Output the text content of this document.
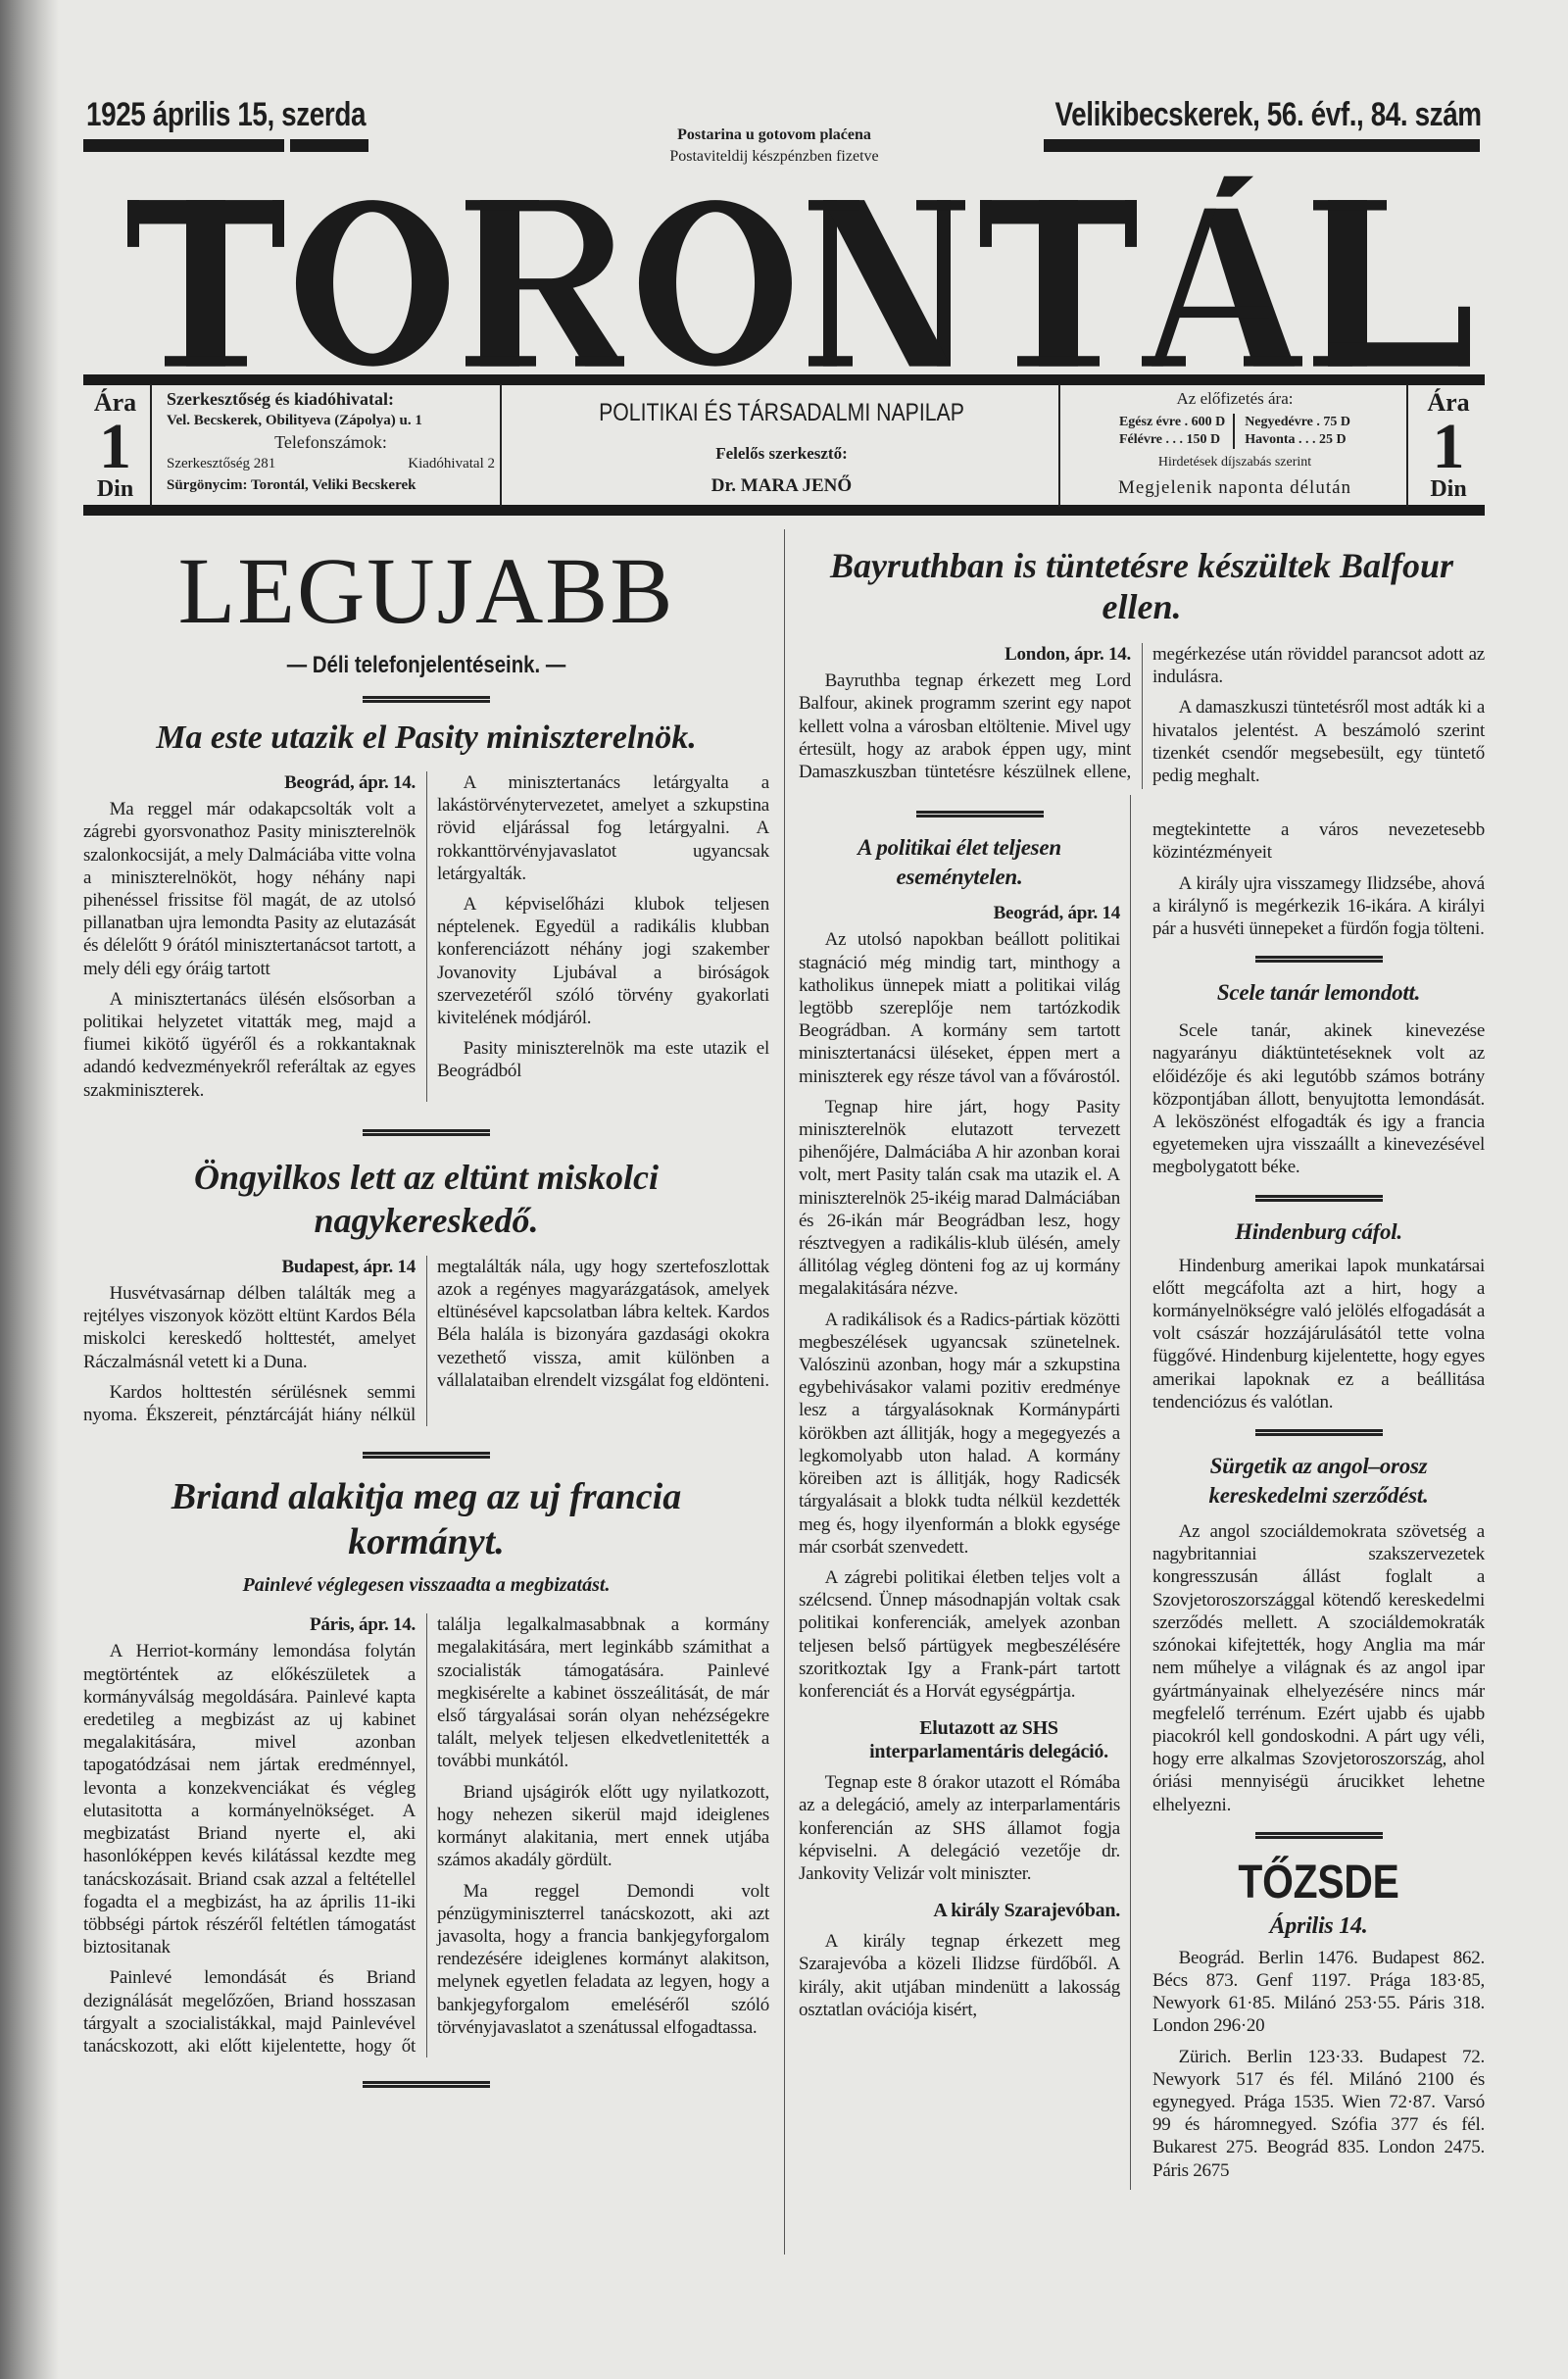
1925 április 15, szerda
Postarina u gotovom plaćena
Postaviteldij készpénzben fizetve
Velikibecskerek, 56. évf., 84. szám
Ára
1
Din
Szerkesztőség és kiadóhivatal:
Vel. Becskerek, Obilityeva (Zápolya) u. 1
Telefonszámok:
Szerkesztőség 281	Kiadóhivatal 2
Sürgönycim: Torontál, Veliki Becskerek
POLITIKAI ÉS TÁRSADALMI NAPILAP
Felelős szerkesztő:
Dr. MARA JENŐ
Az előfizetés ára:
Egész évre . 600 D
Félévre . . . 150 D
Negyedévre . 75 D
Havonta . . . 25 D
Hirdetések díjszabás szerint
Megjelenik naponta délután
Ára
1
Din
LEGUJABB
— Déli telefonjelentéseink. —
Ma este utazik el Pasity miniszterelnök.
Beográd, ápr. 14.

Ma reggel már odakapcsolták volt a zágrebi gyorsvonathoz Pasity miniszterelnök szalonkocsiját, a mely Dalmáciába vitte volna a miniszterelnököt, hogy néhány napi pihenéssel frissitse föl magát, de az utolsó pillanatban ujra lemondta Pasity az elutazását és délelőtt 9 órától minisztertanácsot tartott, a mely déli egy óráig tartott

A minisztertanács ülésén elsősorban a politikai helyzetet vitatták meg, majd a fiumei kikötő ügyéről és a rokkantaknak adandó kedvezményekről referáltak az egyes szakminiszterek.

A minisztertanács letárgyalta a lakástörvénytervezetet, amelyet a szkupstina rövid eljárással fog letárgyalni. A rokkanttörvényjavaslatot ugyancsak letárgyalták.

A képviselőházi klubok teljesen néptelenek. Egyedül a radikális klubban konferenciázott néhány jogi szakember Jovanovity Ljubával a biróságok szervezetéről szóló törvény gyakorlati kivitelének módjáról.

Pasity miniszterelnök ma este utazik el Beográdból

Öngyilkos lett az eltünt miskolci nagykereskedő.
Budapest, ápr. 14

Husvétvasárnap délben találták meg a rejtélyes viszonyok között eltünt Kardos Béla miskolci kereskedő holttestét, amelyet Ráczalmásnál vetett ki a Duna.

Kardos holttestén sérülésnek semmi nyoma. Ékszereit, pénztárcáját hiány nélkül megtalálták nála, ugy hogy szertefoszlottak azok a regényes magyarázgatások, amelyek eltünésével kapcsolatban lábra keltek. Kardos Béla halála is bizonyára gazdasági okokra vezethető vissza, amit különben a vállalataiban elrendelt vizsgálat fog eldönteni.

Briand alakitja meg az uj francia kormányt.
Painlevé véglegesen visszaadta a megbizatást.
Páris, ápr. 14.

A Herriot-kormány lemondása folytán megtörténtek az előkészületek a kormányválság megoldására. Painlevé kapta eredetileg a megbizást az uj kabinet megalakitására, mivel azonban tapogatódzásai nem jártak eredménnyel, levonta a konzekvenciákat és végleg elutasitotta a kormányelnökséget. A megbizatást Briand nyerte el, aki hasonlóképpen kevés kilátással kezdte meg tanácskozásait. Briand csak azzal a feltétellel fogadta el a megbizást, ha az április 11-iki többségi pártok részéről feltétlen támogatást biztositanak

Painlevé lemondását és Briand dezignálását megelőzően, Briand hosszasan tárgyalt a szocialistákkal, majd Painlevével tanácskozott, aki előtt kijelentette, hogy őt találja legalkalmasabbnak a kormány megalakitására, mert leginkább számithat a szocialisták támogatására. Painlevé megkisérelte a kabinet összeálitását, de már első tárgyalásai során olyan nehézségekre talált, melyek teljesen elkedvetlenitették a további munkától.

Briand ujságirók előtt ugy nyilatkozott, hogy nehezen sikerül majd ideiglenes kormányt alakitania, mert ennek utjába számos akadály gördült.

Ma reggel Demondi volt pénzügyminiszterrel tanácskozott, aki azt javasolta, hogy a francia bankjegyforgalom rendezésére ideiglenes kormányt alakitson, melynek egyetlen feladata az legyen, hogy a bankjegyforgalom emeléséről szóló törvényjavaslatot a szenátussal elfogadtassa.

Bayruthban is tüntetésre készültek Balfour ellen.
London, ápr. 14.

Bayruthba tegnap érkezett meg Lord Balfour, akinek programm szerint egy napot kellett volna a városban eltöltenie. Mivel ugy értesült, hogy az arabok éppen ugy, mint Damaszkuszban tüntetésre készülnek ellene, megérkezése után röviddel parancsot adott az indulásra.

A damaszkuszi tüntetésről most adták ki a hivatalos jelentést. A beszámoló szerint tizenkét csendőr megsebesült, egy tüntető pedig meghalt.

A politikai élet teljesen eseménytelen.
Beográd, ápr. 14

Az utolsó napokban beállott politikai stagnáció még mindig tart, minthogy a katholikus ünnepek miatt a politikai világ legtöbb szereplője nem tartózkodik Beográdban. A kormány sem tartott minisztertanácsi üléseket, éppen mert a miniszterek egy része távol van a fővárostól.

Tegnap hire járt, hogy Pasity miniszterelnök elutazott tervezett pihenőjére, Dalmáciába A hir azonban korai volt, mert Pasity talán csak ma utazik el. A miniszterelnök 25-ikéig marad Dalmáciában és 26-ikán már Beográdban lesz, hogy résztvegyen a radikális-klub ülésén, amely állitólag végleg dönteni fog az uj kormány megalakitására nézve.

A radikálisok és a Radics-pártiak közötti megbeszélések ugyancsak szünetelnek. Valószinü azonban, hogy már a szkupstina egybehivásakor valami pozitiv eredménye lesz a tárgyalásoknak Kormánypárti körökben azt állitják, hogy a megegyezés a legkomolyabb uton halad. A kormány köreiben azt is állitják, hogy Radicsék tárgyalásait a blokk tudta nélkül kezdették meg és, hogy ilyenformán a blokk egysége már csorbát szenvedett.

A zágrebi politikai életben teljes volt a szélcsend. Ünnep másodnapján voltak csak politikai konferenciák, amelyek azonban teljesen belső pártügyek megbeszélésére szoritkoztak Igy a Frank-párt tartott konferenciát és a Horvát egységpártja.

Elutazott az SHS interparlamentáris delegáció.

Tegnap este 8 órakor utazott el Rómába az a delegáció, amely az interparlamentáris konferencián az SHS államot fogja képviselni. A delegáció vezetője dr. Jankovity Velizár volt miniszter.

A király Szarajevóban.

A király tegnap érkezett meg Szarajevóba a közeli Ilidzse fürdőből. A király, akit utjában mindenütt a lakosság osztatlan ovációja kisért,

megtekintette a város nevezetesebb közintézményeit

A király ujra visszamegy Ilidzsébe, ahová a királynő is megérkezik 16-ikára. A királyi pár a husvéti ünnepeket a fürdőn fogja tölteni.

Scele tanár lemondott.

Scele tanár, akinek kinevezése nagyarányu diáktüntetéseknek volt az előidézője és aki legutóbb számos botrány központjában állott, benyujtotta lemondását. A leköszönést elfogadták és igy a francia egyetemeken ujra visszaállt a kinevezésével megbolygatott béke.

Hindenburg cáfol.

Hindenburg amerikai lapok munkatársai előtt megcáfolta azt a hirt, hogy a kormányelnökségre való jelölés elfogadását a volt császár hozzájárulásától tette volna függővé. Hindenburg kijelentette, hogy egyes amerikai lapoknak ez a beállitása tendenciózus és valótlan.

Sürgetik az angol–orosz kereskedelmi szerződést.

Az angol szociáldemokrata szövetség a nagybritanniai szakszervezetek kongresszusán állást foglalt a Szovjetoroszországgal kötendő kereskedelmi szerződés mellett. A szociáldemokraták szónokai kifejtették, hogy Anglia ma már nem műhelye a világnak és az angol ipar gyártmányainak elhelyezésére nincs már megfelelő terrénum. Ezért ujabb és ujabb piacokról kell gondoskodni. A párt ugy véli, hogy erre alkalmas Szovjetoroszország, ahol óriási mennyiségü árucikket lehetne elhelyezni.

TŐZSDE
Április 14.

Beográd. Berlin 1476. Budapest 862. Bécs 873. Genf 1197. Prága 183·85, Newyork 61·85. Milánó 253·55. Páris 318. London 296·20

Zürich. Berlin 123·33. Budapest 72. Newyork 517 és fél. Milánó 2100 és egynegyed. Prága 1535. Wien 72·87. Varsó 99 és háromnegyed. Szófia 377 és fél. Bukarest 275. Beográd 835. London 2475. Páris 2675
